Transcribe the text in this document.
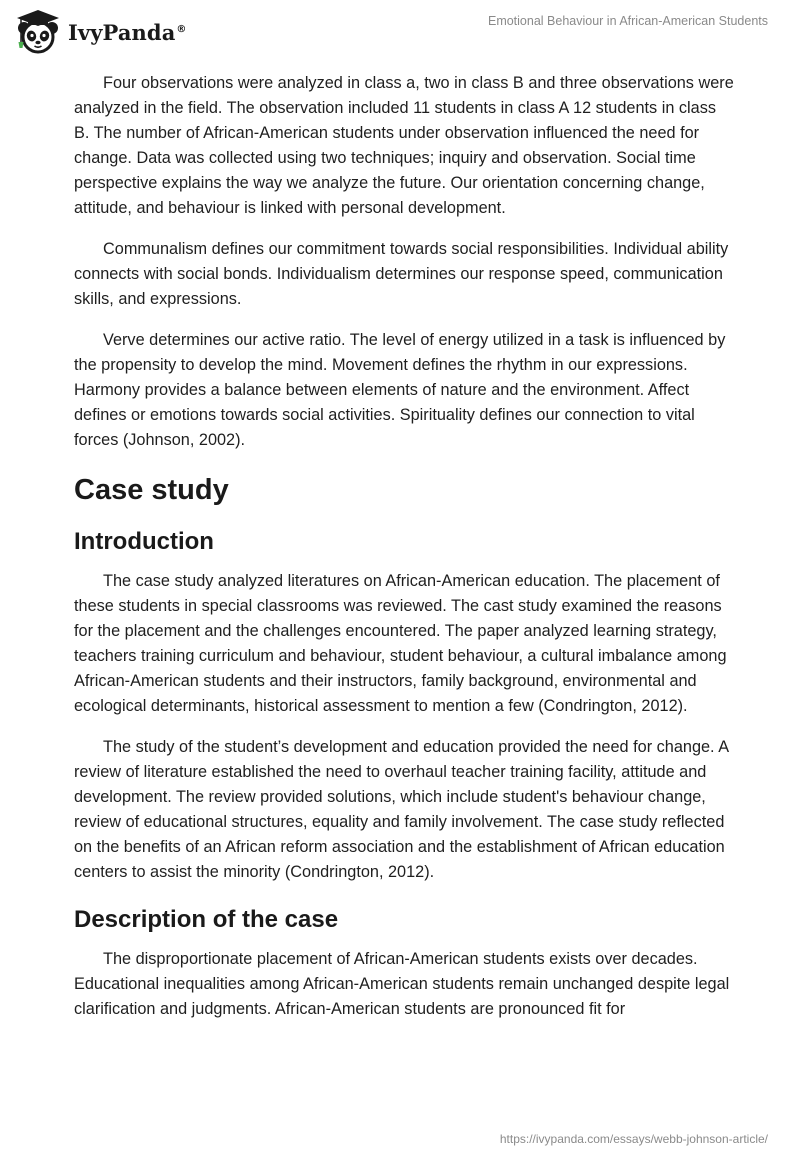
IvyPanda®
Emotional Behaviour in African-American Students

Four observations were analyzed in class a, two in class B and three observations were analyzed in the field. The observation included 11 students in class A 12 students in class B. The number of African-American students under observation influenced the need for change. Data was collected using two techniques; inquiry and observation. Social time perspective explains the way we analyze the future. Our orientation concerning change, attitude, and behaviour is linked with personal development.

Communalism defines our commitment towards social responsibilities. Individual ability connects with social bonds. Individualism determines our response speed, communication skills, and expressions.

Verve determines our active ratio. The level of energy utilized in a task is influenced by the propensity to develop the mind. Movement defines the rhythm in our expressions. Harmony provides a balance between elements of nature and the environment. Affect defines or emotions towards social activities. Spirituality defines our connection to vital forces (Johnson, 2002).

Case study
Introduction

The case study analyzed literatures on African-American education. The placement of these students in special classrooms was reviewed. The cast study examined the reasons for the placement and the challenges encountered. The paper analyzed learning strategy, teachers training curriculum and behaviour, student behaviour, a cultural imbalance among African-American students and their instructors, family background, environmental and ecological determinants, historical assessment to mention a few (Condrington, 2012).

The study of the student’s development and education provided the need for change. A review of literature established the need to overhaul teacher training facility, attitude and development. The review provided solutions, which include student's behaviour change, review of educational structures, equality and family involvement. The case study reflected on the benefits of an African reform association and the establishment of African education centers to assist the minority (Condrington, 2012).

Description of the case

The disproportionate placement of African-American students exists over decades. Educational inequalities among African-American students remain unchanged despite legal clarification and judgments. African-American students are pronounced fit for

https://ivypanda.com/essays/webb-johnson-article/
